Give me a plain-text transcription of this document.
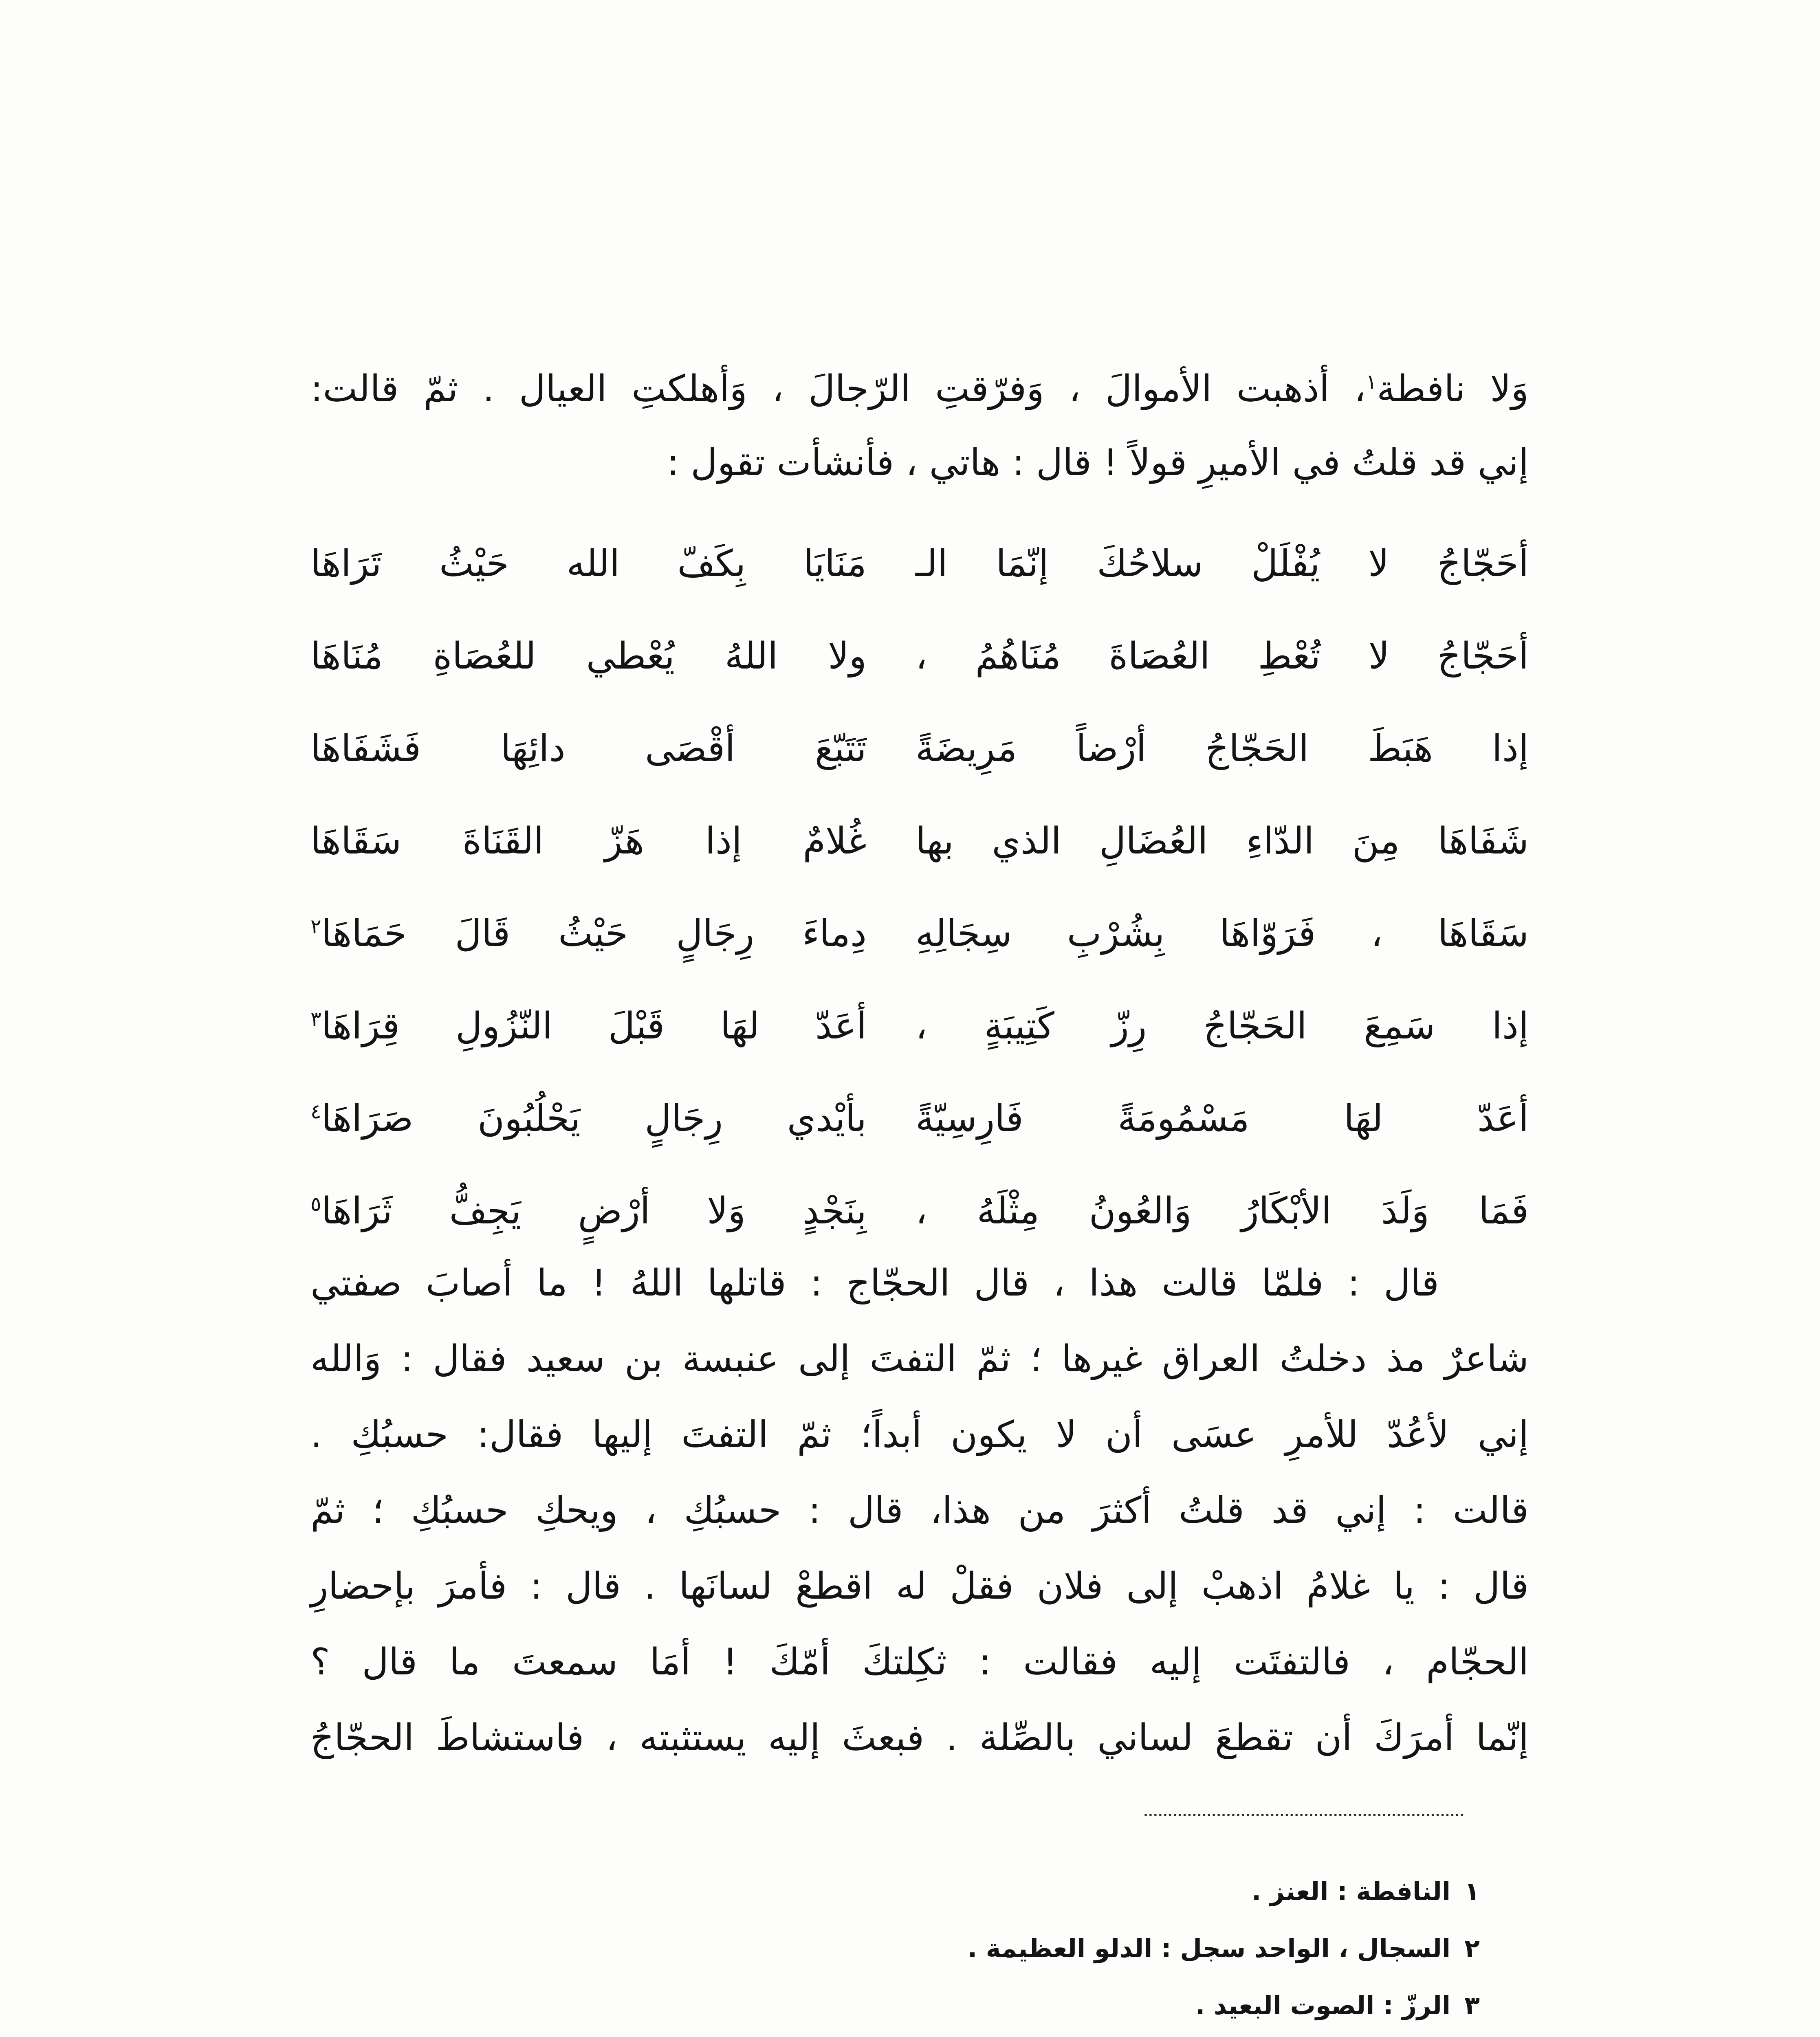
وَلا نافطة$^١$، أذهبت الأموالَ ، وَفرّقتِ الرّجالَ ، وَأهلكتِ العيال . ثمّ قالت:
إني قد قلتُ في الأميرِ قولاً ! قال : هاتي ، فأنشأت تقول :
أحَجّاجُ لا يُفْلَلْ سلاحُكَ إنّمَا الـ
مَنَايَا بِكَفّ الله حَيْثُ تَرَاهَا
أحَجّاجُ لا تُعْطِ العُصَاةَ مُنَاهُمُ ،
ولا اللهُ يُعْطي للعُصَاةِ مُنَاهَا
إذا هَبَطَ الحَجّاجُ أرْضاً مَرِيضَةً
تَتَبّعَ أقْصَى دائِهَا فَشَفَاهَا
شَفَاهَا مِنَ الدّاءِ العُضَالِ الذي بها
غُلامٌ إذا هَزّ القَنَاةَ سَقَاهَا
سَقَاهَا ، فَرَوّاهَا بِشُرْبِ سِجَالِهِ
دِماءَ رِجَالٍ حَيْثُ قَالَ حَمَاهَا$^٢$
إذا سَمِعَ الحَجّاجُ رِزّ كَتِيبَةٍ ،
أعَدّ لهَا قَبْلَ النّزُولِ قِرَاهَا$^٣$
أعَدّ لهَا مَسْمُومَةً فَارِسِيّةً
بأيْدي رِجَالٍ يَحْلُبُونَ صَرَاهَا$^٤$
فَمَا وَلَدَ الأبْكَارُ وَالعُونُ مِثْلَهُ ،
بِنَجْدٍ وَلا أرْضٍ يَجِفُّ ثَرَاهَا$^٥$
قال : فلمّا قالت هذا ، قال الحجّاج : قاتلها اللهُ ! ما أصابَ صفتي
شاعرٌ مذ دخلتُ العراق غيرها ؛ ثمّ التفتَ إلى عنبسة بن سعيد فقال : وَالله
إني لأعُدّ للأمرِ عسَى أن لا يكون أبداً؛ ثمّ التفتَ إليها فقال: حسبُكِ .
قالت : إني قد قلتُ أكثرَ من هذا، قال : حسبُكِ ، ويحكِ حسبُكِ ؛ ثمّ
قال : يا غلامُ اذهبْ إلى فلان فقلْ له اقطعْ لسانَها . قال : فأمرَ بإحضارِ
الحجّام ، فالتفتَت إليه فقالت : ثكِلتكَ أمّكَ ! أمَا سمعتَ ما قال ؟
إنّما أمرَكَ أن تقطعَ لساني بالصِّلة . فبعثَ إليه يستثبته ، فاستشاطَ الحجّاجُ
١النافطة : العنز .
٢السجال ، الواحد سجل : الدلو العظيمة .
٣الرزّ : الصوت البعيد .
